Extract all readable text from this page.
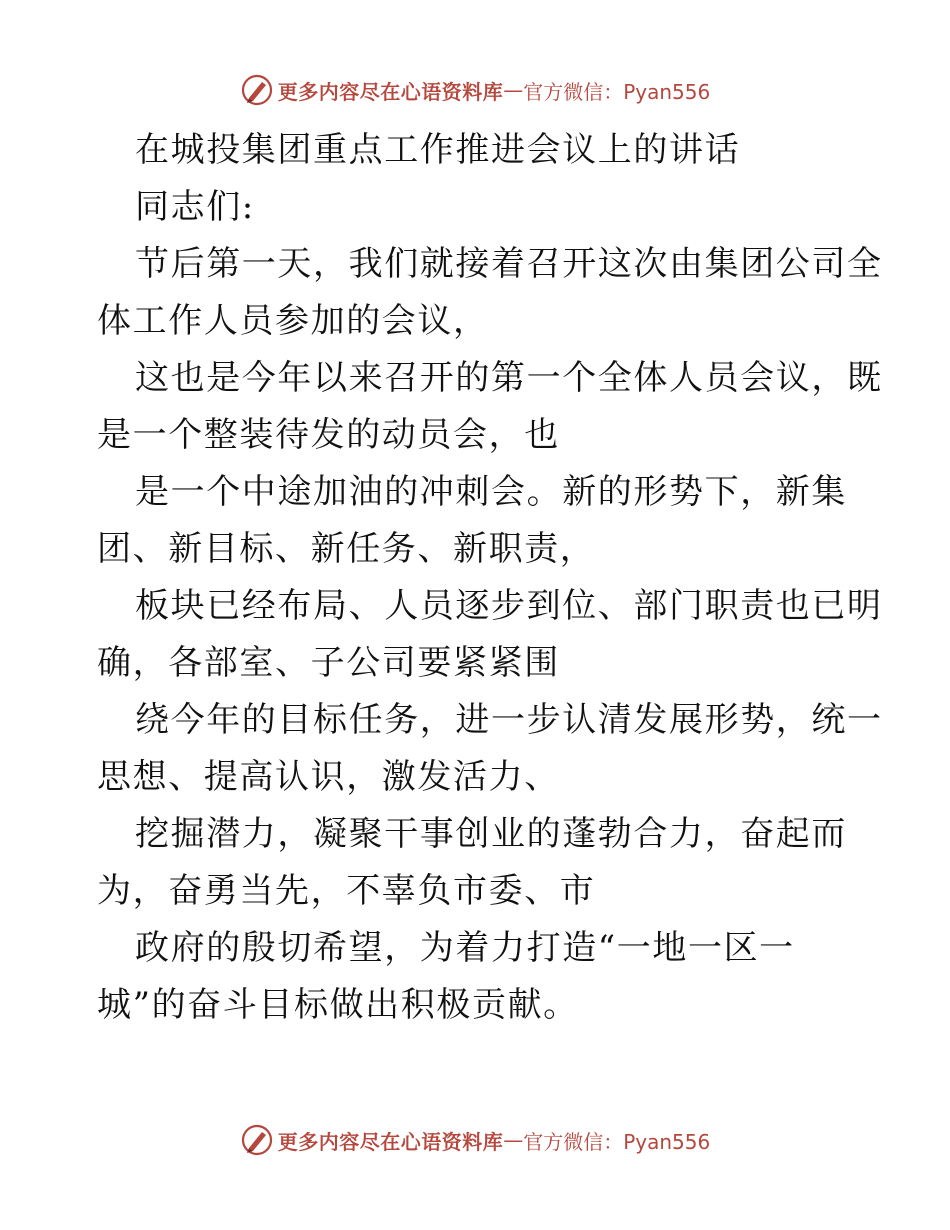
更多内容尽在心语资料库 — 官方微信：Pyan556
在城投集团重点工作推进会议上的讲话
同志们:
节后第一天，我们就接着召开这次由集团公司全
体工作人员参加的会议，
这也是今年以来召开的第一个全体人员会议，既
是一个整装待发的动员会，也
是一个中途加油的冲刺会。新的形势下，新集
团、新目标、新任务、新职责，
板块已经布局、人员逐步到位、部门职责也已明
确，各部室、子公司要紧紧围
绕今年的目标任务，进一步认清发展形势，统一
思想、提高认识，激发活力、
挖掘潜力，凝聚干事创业的蓬勃合力，奋起而
为，奋勇当先，不辜负市委、市
政府的殷切希望，为着力打造“一地一区一
城”的奋斗目标做出积极贡献。
更多内容尽在心语资料库 — 官方微信：Pyan556
